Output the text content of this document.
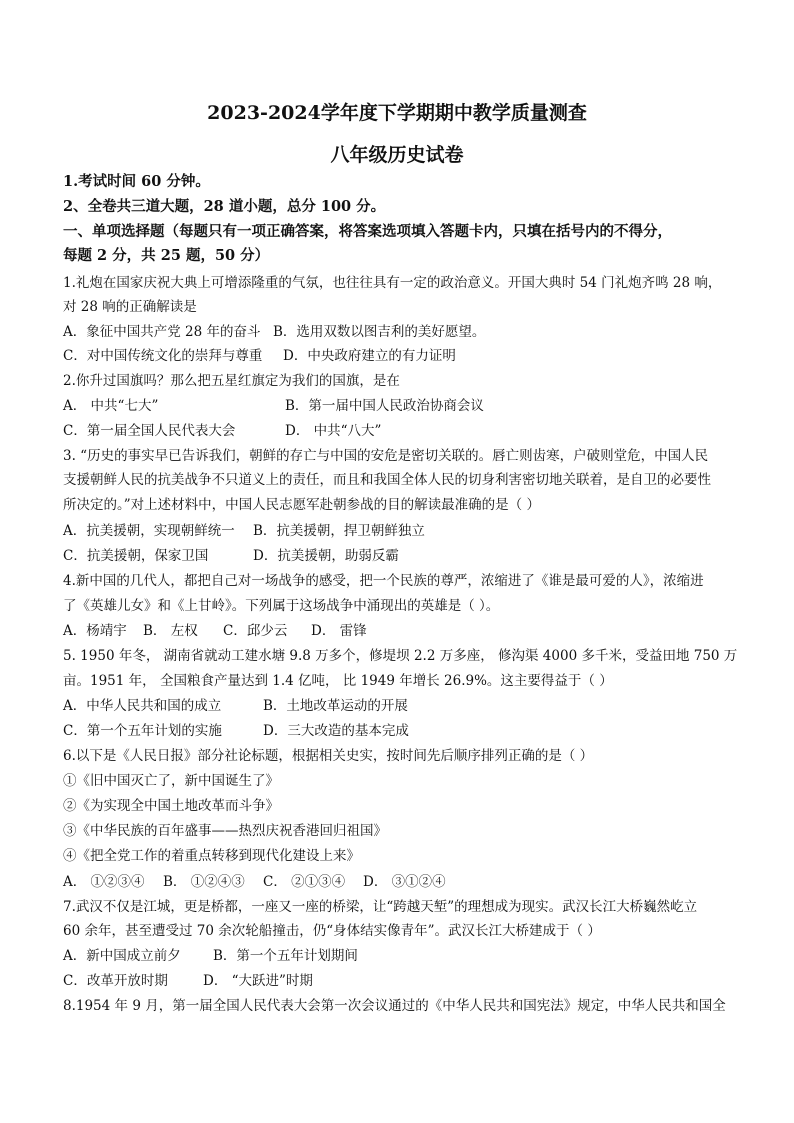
2023-2024学年度下学期期中教学质量测查
八年级历史试卷
1.考试时间 60 分钟。
2、全卷共三道大题，28 道小题，总分 100 分。
一、单项选择题（每题只有一项正确答案，将答案选项填入答题卡内，只填在括号内的不得分，
每题 2 分，共 25 题，50 分）
1.礼炮在国家庆祝大典上可增添隆重的气氛，也往往具有一定的政治意义。开国大典时 54 门礼炮齐鸣 28 响，
对 28 响的正确解读是
A．象征中国共产党 28 年的奋斗 B．选用双数以图吉利的美好愿望。
C．对中国传统文化的崇拜与尊重 D．中央政府建立的有力证明
2.你升过国旗吗？那么把五星红旗定为我们的国旗，是在
A． 中共“七大”	B．第一届中国人民政治协商会议
C．第一届全国人民代表大会	D． 中共“八大”
3. “历史的事实早已告诉我们，朝鲜的存亡与中国的安危是密切关联的。唇亡则齿寒，户破则堂危，中国人民
支援朝鲜人民的抗美战争不只道义上的责任，而且和我国全体人民的切身利害密切地关联着，是自卫的必要性
所决定的。”对上述材料中，中国人民志愿军赴朝参战的目的解读最准确的是（ ）
A．抗美援朝，实现朝鲜统一 B．抗美援朝，捍卫朝鲜独立
C．抗美援朝，保家卫国	D．抗美援朝，助弱反霸
4.新中国的几代人，都把自己对一场战争的感受，把一个民族的尊严，浓缩进了《谁是最可爱的人》，浓缩进
了《英雄儿女》和《上甘岭》。下列属于这场战争中涌现出的英雄是（ ）。
A．杨靖宇 B． 左权 C．邱少云 D． 雷锋
5. 1950 年冬， 湖南省就动工建水塘 9.8 万多个，修堤坝 2.2 万多座， 修沟渠 4000 多千米，受益田地 750 万
亩。1951 年， 全国粮食产量达到 1.4 亿吨， 比 1949 年增长 26.9%。这主要得益于（ ）
A．中华人民共和国的成立	B．土地改革运动的开展
C．第一个五年计划的实施	D．三大改造的基本完成
6.以下是《人民日报》部分社论标题，根据相关史实，按时间先后顺序排列正确的是（ ）
①《旧中国灭亡了，新中国诞生了》
②《为实现全中国土地改革而斗争》
③《中华民族的百年盛事——热烈庆祝香港回归祖国》
④《把全党工作的着重点转移到现代化建设上来》
A． ①②③④ B． ①②④③ C． ②①③④ D． ③①②④
7.武汉不仅是江城，更是桥都，一座又一座的桥梁，让“跨越天堑”的理想成为现实。武汉长江大桥巍然屹立
60 余年，甚至遭受过 70 余次轮船撞击，仍“身体结实像青年”。武汉长江大桥建成于（ ）
A．新中国成立前夕 B．第一个五年计划期间
C．改革开放时期	D． “大跃进”时期
8.1954 年 9 月，第一届全国人民代表大会第一次会议通过的《中华人民共和国宪法》规定，中华人民共和国全
